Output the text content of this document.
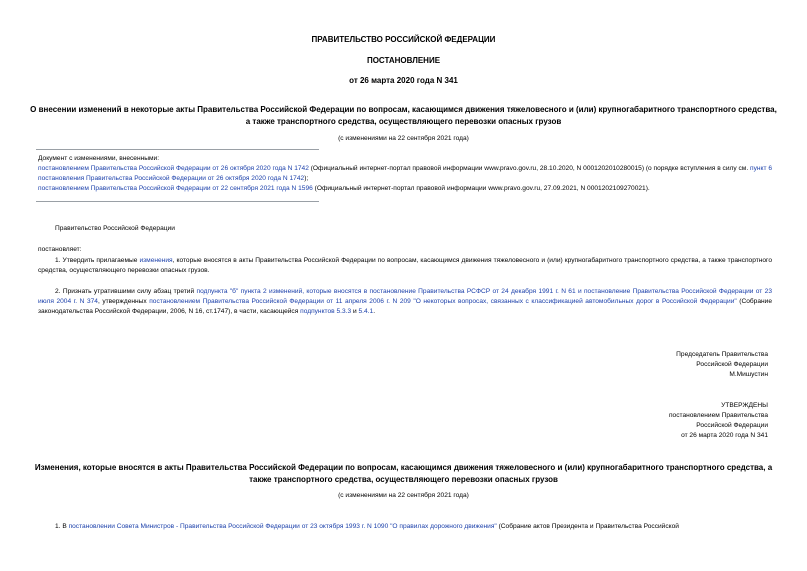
ПРАВИТЕЛЬСТВО РОССИЙСКОЙ ФЕДЕРАЦИИ
ПОСТАНОВЛЕНИЕ
от 26 марта 2020 года N 341
О внесении изменений в некоторые акты Правительства Российской Федерации по вопросам, касающимся движения тяжеловесного и (или) крупногабаритного транспортного средства, а также транспортного средства, осуществляющего перевозки опасных грузов
(с изменениями на 22 сентября 2021 года)
Документ с изменениями, внесенными:
постановлением Правительства Российской Федерации от 26 октября 2020 года N 1742 (Официальный интернет-портал правовой информации www.pravo.gov.ru, 28.10.2020, N 0001202010280015) (о порядке вступления в силу см. пункт 6 постановления Правительства Российской Федерации от 26 октября 2020 года N 1742);
постановлением Правительства Российской Федерации от 22 сентября 2021 года N 1596 (Официальный интернет-портал правовой информации www.pravo.gov.ru, 27.09.2021, N 0001202109270021).
Правительство Российской Федерации
постановляет:
1. Утвердить прилагаемые изменения, которые вносятся в акты Правительства Российской Федерации по вопросам, касающимся движения тяжеловесного и (или) крупногабаритного транспортного средства, а также транспортного средства, осуществляющего перевозки опасных грузов.
2. Признать утратившими силу абзац третий подпункта "б" пункта 2 изменений, которые вносятся в постановление Правительства РСФСР от 24 декабря 1991 г. N 61 и постановление Правительства Российской Федерации от 23 июля 2004 г. N 374, утвержденных постановлением Правительства Российской Федерации от 11 апреля 2006 г. N 209 "О некоторых вопросах, связанных с классификацией автомобильных дорог в Российской Федерации" (Собрание законодательства Российской Федерации, 2006, N 16, ст.1747), в части, касающейся подпунктов 5.3.3 и 5.4.1.
Председатель Правительства
Российской Федерации
М.Мишустин
УТВЕРЖДЕНЫ
постановлением Правительства
Российской Федерации
от 26 марта 2020 года N 341
Изменения, которые вносятся в акты Правительства Российской Федерации по вопросам, касающимся движения тяжеловесного и (или) крупногабаритного транспортного средства, а также транспортного средства, осуществляющего перевозки опасных грузов
(с изменениями на 22 сентября 2021 года)
1. В постановлении Совета Министров - Правительства Российской Федерации от 23 октября 1993 г. N 1090 "О правилах дорожного движения" (Собрание актов Президента и Правительства Российской
